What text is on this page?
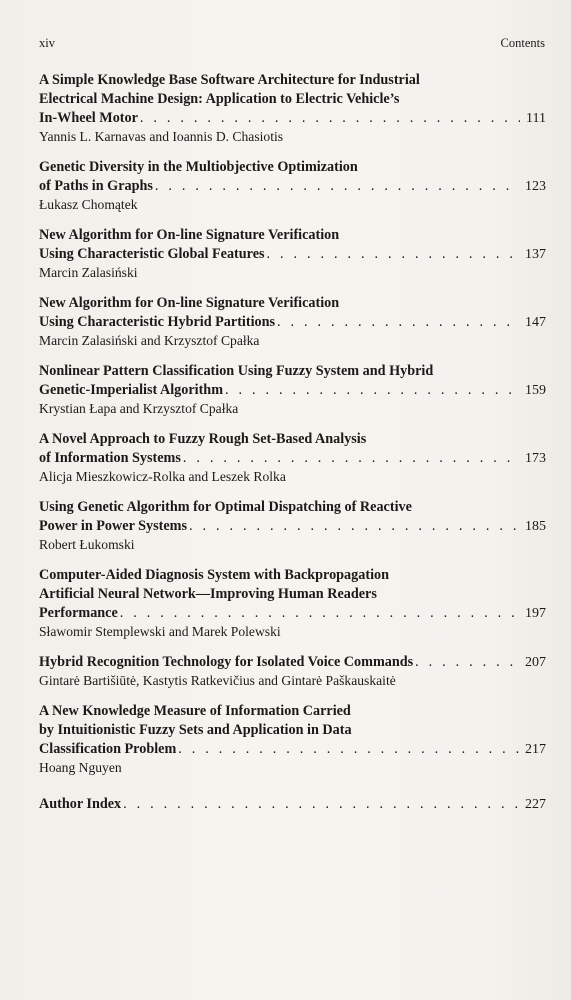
xiv	Contents
A Simple Knowledge Base Software Architecture for Industrial
Electrical Machine Design: Application to Electric Vehicle’s
In-Wheel Motor . . .	111
Yannis L. Karnavas and Ioannis D. Chasiotis
Genetic Diversity in the Multiobjective Optimization
of Paths in Graphs . . .	123
Łukasz Chomątek
New Algorithm for On-line Signature Verification
Using Characteristic Global Features . . .	137
Marcin Zalasiński
New Algorithm for On-line Signature Verification
Using Characteristic Hybrid Partitions . . .	147
Marcin Zalasiński and Krzysztof Cpałka
Nonlinear Pattern Classification Using Fuzzy System and Hybrid
Genetic-Imperialist Algorithm . . .	159
Krystian Łapa and Krzysztof Cpałka
A Novel Approach to Fuzzy Rough Set-Based Analysis
of Information Systems . . .	173
Alicja Mieszkowicz-Rolka and Leszek Rolka
Using Genetic Algorithm for Optimal Dispatching of Reactive
Power in Power Systems . . .	185
Robert Łukomski
Computer-Aided Diagnosis System with Backpropagation
Artificial Neural Network—Improving Human Readers
Performance . . .	197
Sławomir Stemplewski and Marek Polewski
Hybrid Recognition Technology for Isolated Voice Commands . . .	207
Gintarė Bartišiūtė, Kastytis Ratkevičius and Gintarė Paškauskaitė
A New Knowledge Measure of Information Carried
by Intuitionistic Fuzzy Sets and Application in Data
Classification Problem . . .	217
Hoang Nguyen
Author Index . . .	227
